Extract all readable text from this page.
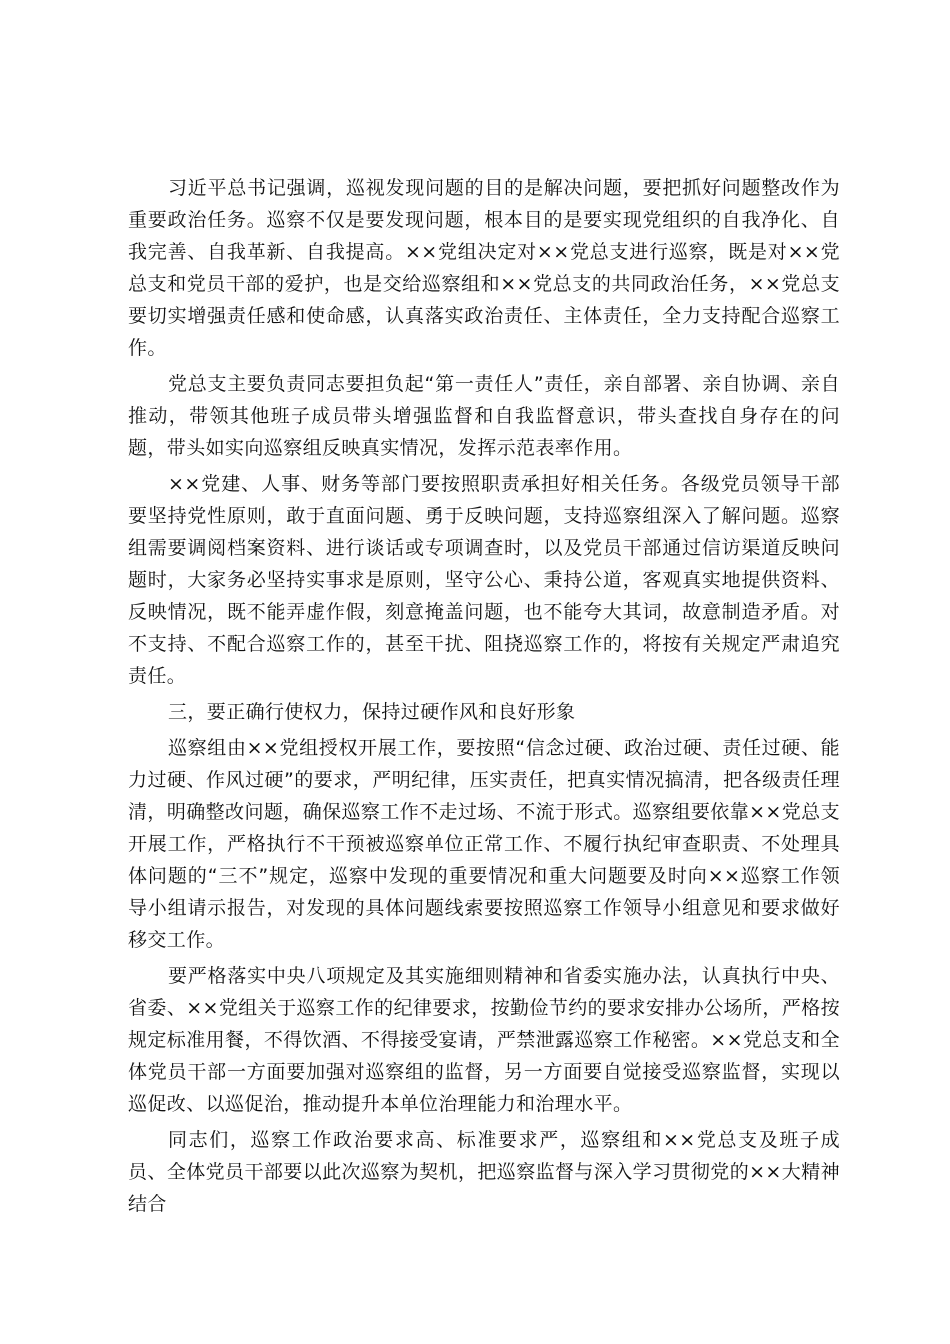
习近平总书记强调，巡视发现问题的目的是解决问题，要把抓好问题整改作为重要政治任务。巡察不仅是要发现问题，根本目的是要实现党组织的自我净化、自我完善、自我革新、自我提高。××党组决定对××党总支进行巡察，既是对××党总支和党员干部的爱护，也是交给巡察组和××党总支的共同政治任务，××党总支要切实增强责任感和使命感，认真落实政治责任、主体责任，全力支持配合巡察工作。

党总支主要负责同志要担负起“第一责任人”责任，亲自部署、亲自协调、亲自推动，带领其他班子成员带头增强监督和自我监督意识，带头查找自身存在的问题，带头如实向巡察组反映真实情况，发挥示范表率作用。

××党建、人事、财务等部门要按照职责承担好相关任务。各级党员领导干部要坚持党性原则，敢于直面问题、勇于反映问题，支持巡察组深入了解问题。巡察组需要调阅档案资料、进行谈话或专项调查时，以及党员干部通过信访渠道反映问题时，大家务必坚持实事求是原则，坚守公心、秉持公道，客观真实地提供资料、反映情况，既不能弄虚作假，刻意掩盖问题，也不能夸大其词，故意制造矛盾。对不支持、不配合巡察工作的，甚至干扰、阻挠巡察工作的，将按有关规定严肃追究责任。

三，要正确行使权力，保持过硬作风和良好形象

巡察组由××党组授权开展工作，要按照“信念过硬、政治过硬、责任过硬、能力过硬、作风过硬”的要求，严明纪律，压实责任，把真实情况搞清，把各级责任理清，明确整改问题，确保巡察工作不走过场、不流于形式。巡察组要依靠××党总支开展工作，严格执行不干预被巡察单位正常工作、不履行执纪审查职责、不处理具体问题的“三不”规定，巡察中发现的重要情况和重大问题要及时向××巡察工作领导小组请示报告，对发现的具体问题线索要按照巡察工作领导小组意见和要求做好移交工作。

要严格落实中央八项规定及其实施细则精神和省委实施办法，认真执行中央、省委、××党组关于巡察工作的纪律要求，按勤俭节约的要求安排办公场所，严格按规定标准用餐，不得饮酒、不得接受宴请，严禁泄露巡察工作秘密。××党总支和全体党员干部一方面要加强对巡察组的监督，另一方面要自觉接受巡察监督，实现以巡促改、以巡促治，推动提升本单位治理能力和治理水平。

同志们，巡察工作政治要求高、标准要求严，巡察组和××党总支及班子成员、全体党员干部要以此次巡察为契机，把巡察监督与深入学习贯彻党的××大精神结合
